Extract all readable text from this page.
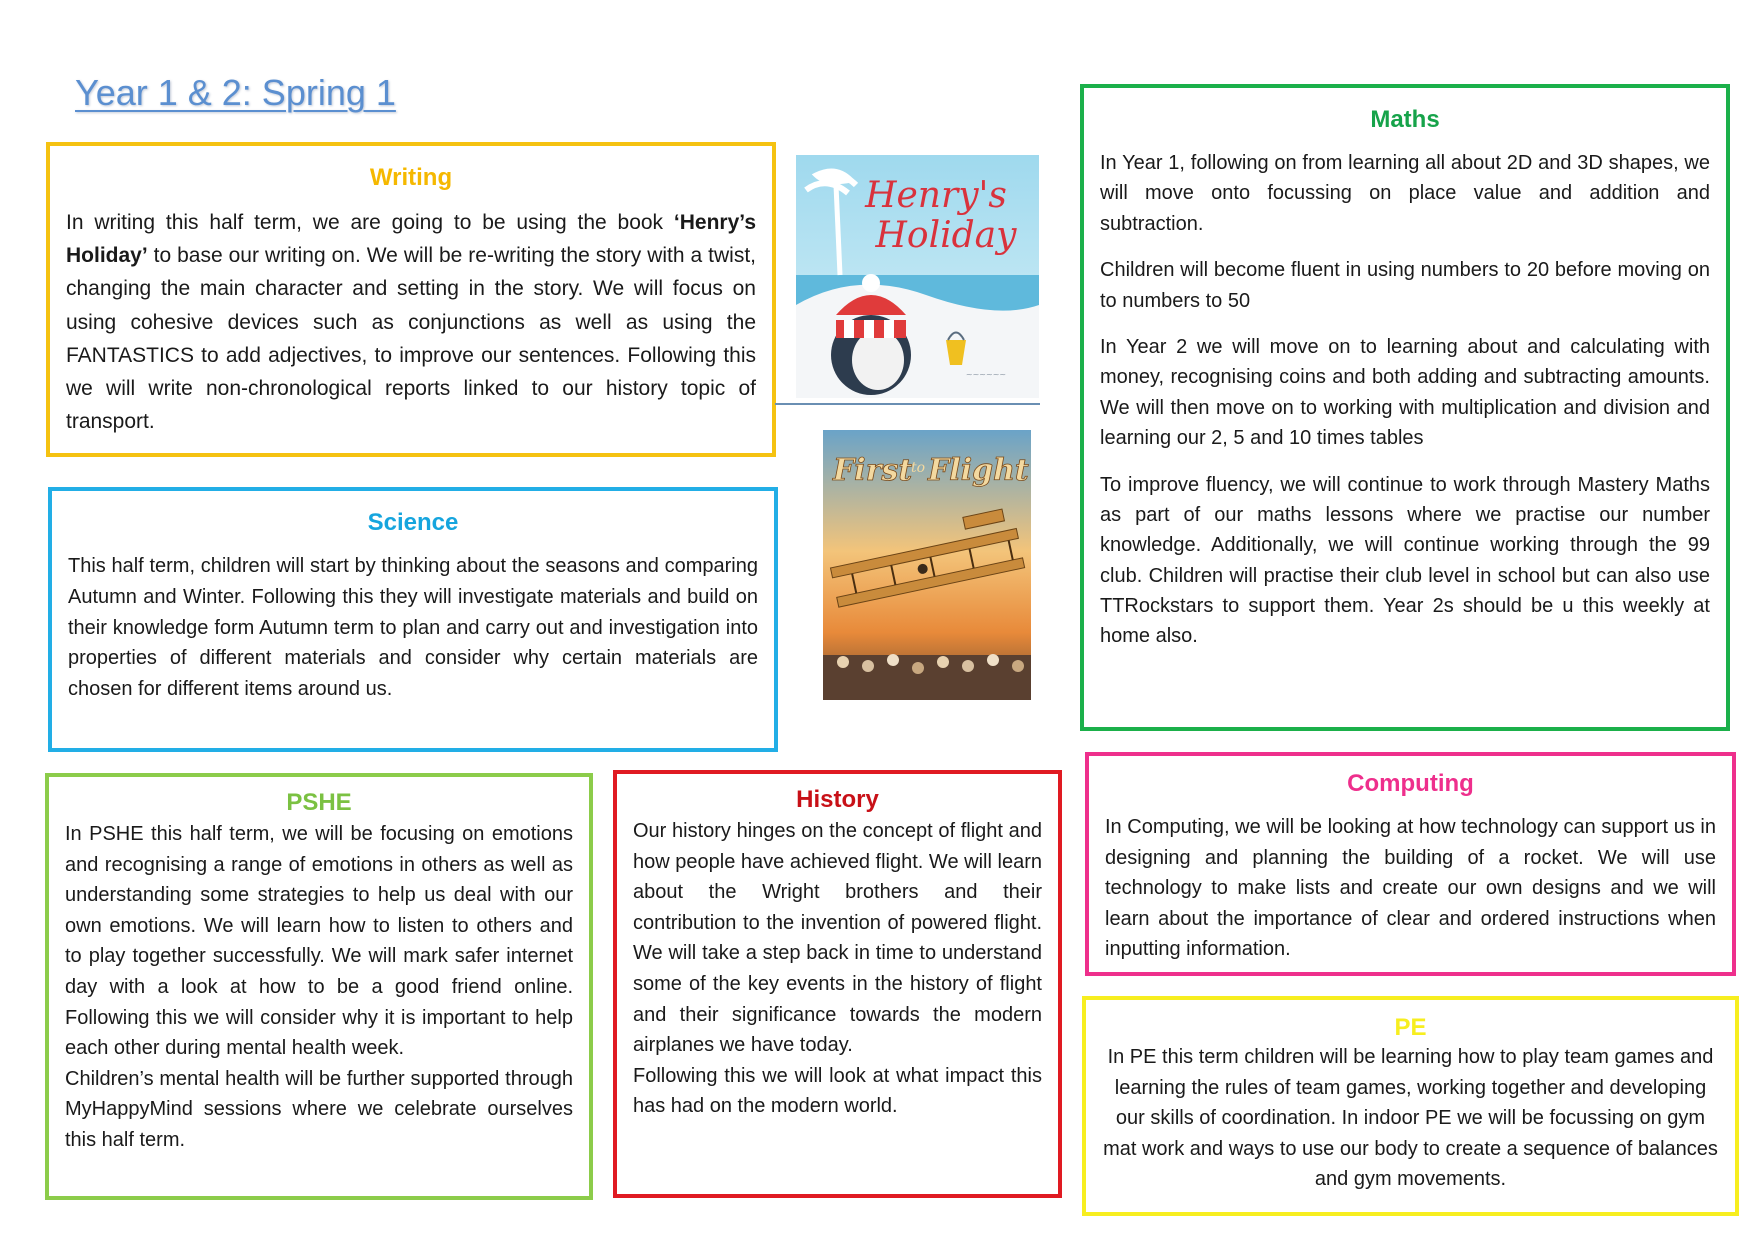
Year 1 & 2: Spring 1
Writing

In writing this half term, we are going to be using the book ‘Henry’s Holiday’ to base our writing on. We will be re-writing the story with a twist, changing the main character and setting in the story. We will focus on using cohesive devices such as conjunctions as well as using the FANTASTICS to add adjectives, to improve our sentences. Following this we will write non-chronological reports linked to our history topic of transport.

Science

This half term, children will start by thinking about the seasons and comparing Autumn and Winter. Following this they will investigate materials and build on their knowledge form Autumn term to plan and carry out and investigation into properties of different materials and consider why certain materials are chosen for different items around us.

Maths

In Year 1, following on from learning all about 2D and 3D shapes, we will move onto focussing on place value and addition and subtraction.

Children will become fluent in using numbers to 20 before moving on to numbers to 50

In Year 2 we will move on to learning about and calculating with money, recognising coins and both adding and subtracting amounts. We will then move on to working with multiplication and division and learning our 2, 5 and 10 times tables

To improve fluency, we will continue to work through Mastery Maths as part of our maths lessons where we practise our number knowledge. Additionally, we will continue working through the 99 club. Children will practise their club level in school but can also use TTRockstars to support them. Year 2s should be u this weekly at home also.

PSHE

In PSHE this half term, we will be focusing on emotions and recognising a range of emotions in others as well as understanding some strategies to help us deal with our own emotions. We will learn how to listen to others and to play together successfully. We will mark safer internet day with a look at how to be a good friend online. Following this we will consider why it is important to help each other during mental health week.

Children’s mental health will be further supported through MyHappyMind sessions where we celebrate ourselves this half term.

History

Our history hinges on the concept of flight and how people have achieved flight. We will learn about the Wright brothers and their contribution to the invention of powered flight. We will take a step back in time to understand some of the key events in the history of flight and their significance towards the modern airplanes we have today.

Following this we will look at what impact this has had on the modern world.

Computing

In Computing, we will be looking at how technology can support us in designing and planning the building of a rocket. We will use technology to make lists and create our own designs and we will learn about the importance of clear and ordered instructions when inputting information.

PE

In PE this term children will be learning how to play team games and learning the rules of team games, working together and developing our skills of coordination. In indoor PE we will be focussing on gym mat work and ways to use our body to create a sequence of balances and gym movements.

Henry's
Holiday
~~~~~~
First
to Flight
